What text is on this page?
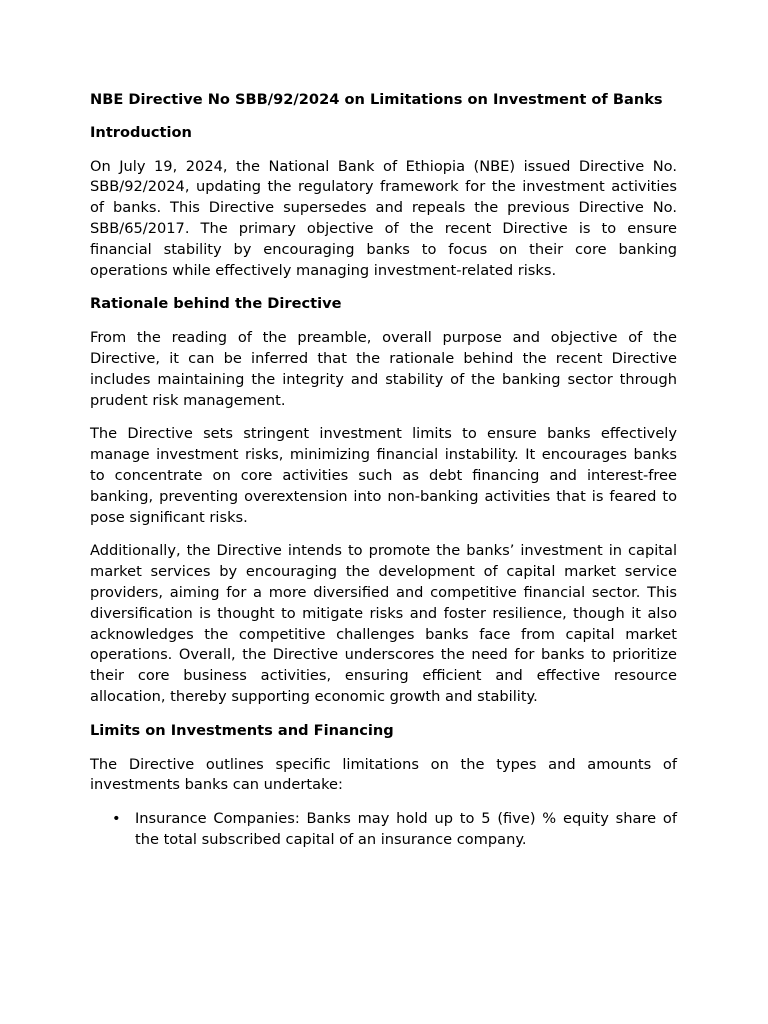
NBE Directive No SBB/92/2024 on Limitations on Investment of Banks
Introduction

On July 19, 2024, the National Bank of Ethiopia (NBE) issued Directive No. SBB/92/2024, updating the regulatory framework for the investment activities of banks. This Directive supersedes and repeals the previous Directive No. SBB/65/2017. The primary objective of the recent Directive is to ensure financial stability by encouraging banks to focus on their core banking operations while effectively managing investment-related risks.

Rationale behind the Directive

From the reading of the preamble, overall purpose and objective of the Directive, it can be inferred that the rationale behind the recent Directive includes maintaining the integrity and stability of the banking sector through prudent risk management.

The Directive sets stringent investment limits to ensure banks effectively manage investment risks, minimizing financial instability. It encourages banks to concentrate on core activities such as debt financing and interest-free banking, preventing overextension into non-banking activities that is feared to pose significant risks.

Additionally, the Directive intends to promote the banks’ investment in capital market services by encouraging the development of capital market service providers, aiming for a more diversified and competitive financial sector. This diversification is thought to mitigate risks and foster resilience, though it also acknowledges the competitive challenges banks face from capital market operations. Overall, the Directive underscores the need for banks to prioritize their core business activities, ensuring efficient and effective resource allocation, thereby supporting economic growth and stability.

Limits on Investments and Financing

The Directive outlines specific limitations on the types and amounts of investments banks can undertake:

• Insurance Companies: Banks may hold up to 5 (five) % equity share of the total subscribed capital of an insurance company.
